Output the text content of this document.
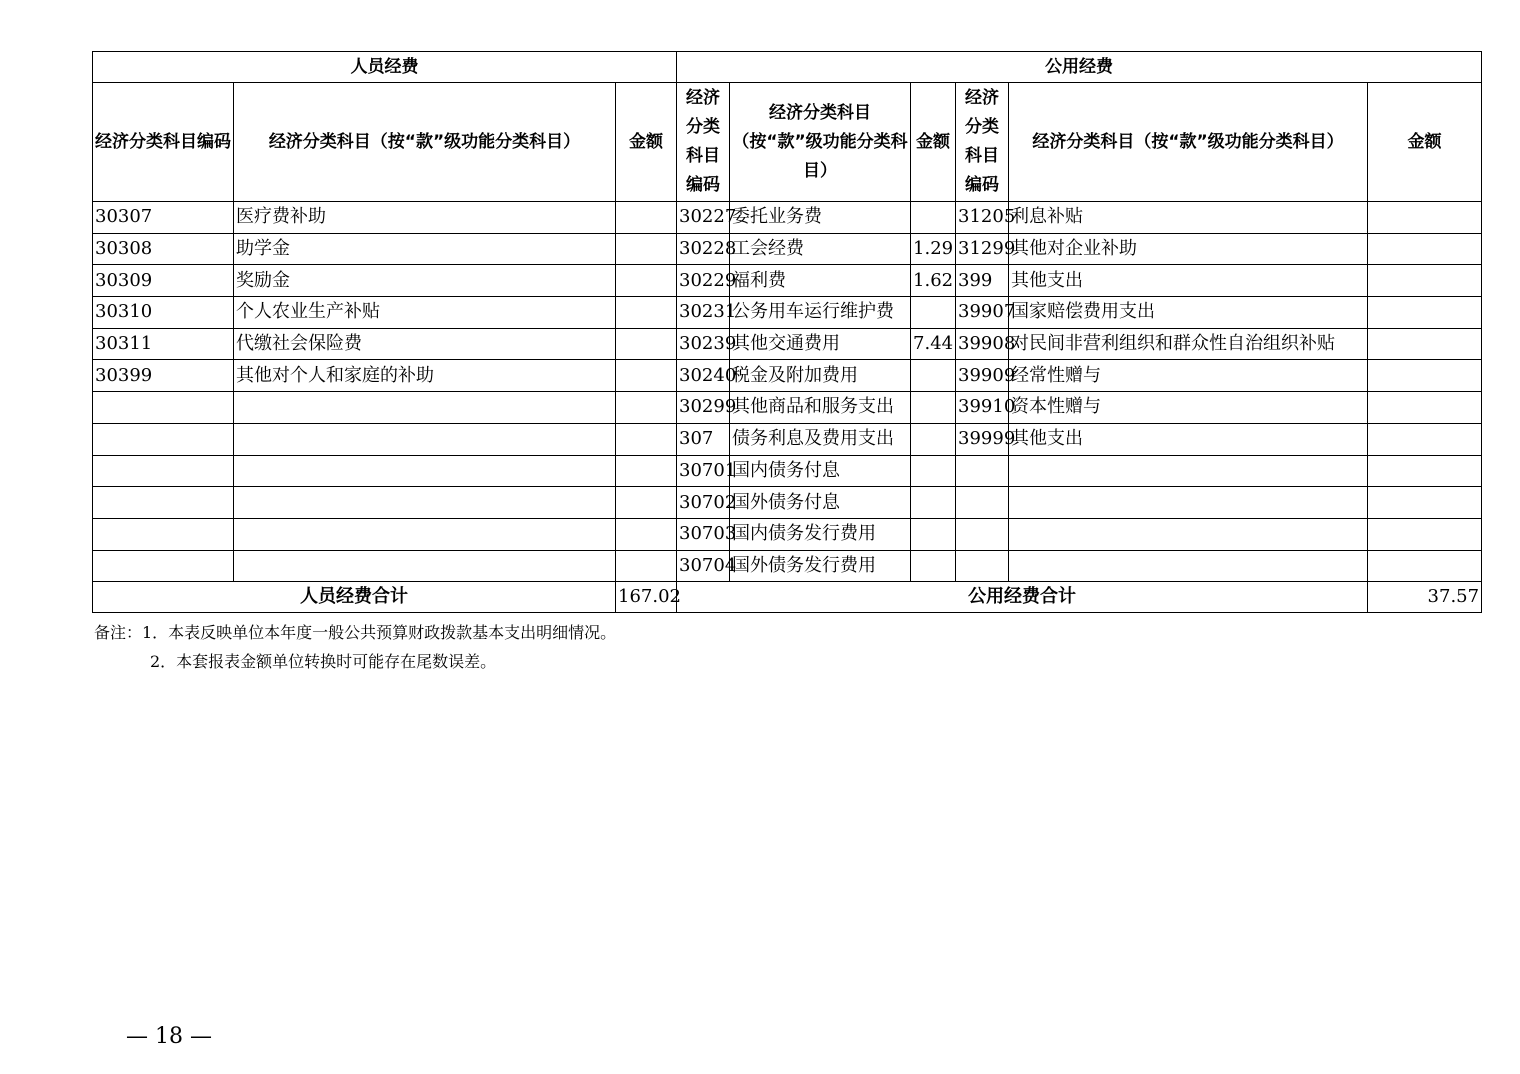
人员经费			公用经费					
经济分类科目编码	经济分类科目（按“款”级功能分类科目）	金额	经济分类科目编码	经济分类科目（按“款”级功能分类科目）	金额	经济分类科目编码	经济分类科目（按“款”级功能分类科目）	金额
30307	医疗费补助		30227	委托业务费		31205	利息补贴	
30308	助学金		30228	工会经费	1.29	31299	其他对企业补助	
30309	奖励金		30229	福利费	1.62	399	其他支出	
30310	个人农业生产补贴		30231	公务用车运行维护费		39907	国家赔偿费用支出	
30311	代缴社会保险费		30239	其他交通费用	7.44	39908	对民间非营利组织和群众性自治组织补贴	
30399	其他对个人和家庭的补助		30240	税金及附加费用		39909	经常性赠与	
			30299	其他商品和服务支出		39910	资本性赠与	
			307	债务利息及费用支出		39999	其他支出	
			30701	国内债务付息				
			30702	国外债务付息				
			30703	国内债务发行费用				
			30704	国外债务发行费用				
人员经费合计		167.02	公用经费合计					37.57
备注：1．本表反映单位本年度一般公共预算财政拨款基本支出明细情况。
2．本套报表金额单位转换时可能存在尾数误差。
— 18 —
